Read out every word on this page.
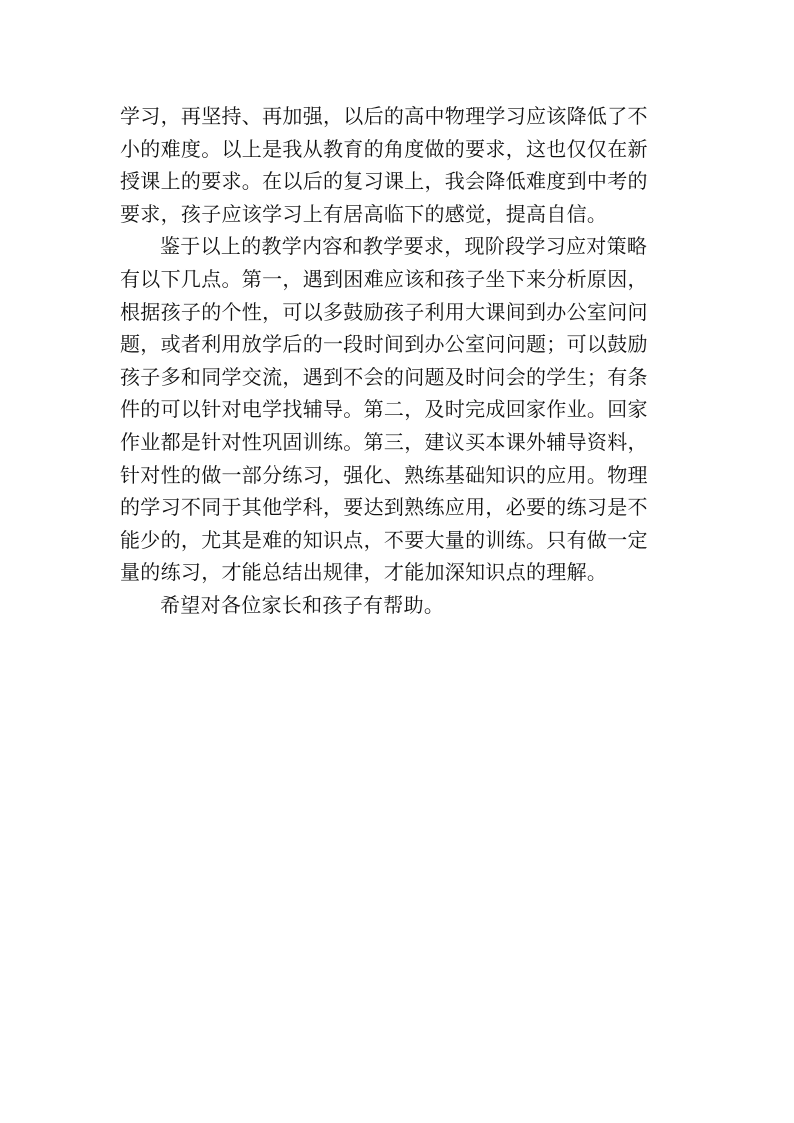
学习，再坚持、再加强，以后的高中物理学习应该降低了不
小的难度。以上是我从教育的角度做的要求，这也仅仅在新
授课上的要求。在以后的复习课上，我会降低难度到中考的
要求，孩子应该学习上有居高临下的感觉，提高自信。
鉴于以上的教学内容和教学要求，现阶段学习应对策略
有以下几点。第一，遇到困难应该和孩子坐下来分析原因，
根据孩子的个性，可以多鼓励孩子利用大课间到办公室问问
题，或者利用放学后的一段时间到办公室问问题；可以鼓励
孩子多和同学交流，遇到不会的问题及时问会的学生；有条
件的可以针对电学找辅导。第二，及时完成回家作业。回家
作业都是针对性巩固训练。第三，建议买本课外辅导资料，
针对性的做一部分练习，强化、熟练基础知识的应用。物理
的学习不同于其他学科，要达到熟练应用，必要的练习是不
能少的，尤其是难的知识点，不要大量的训练。只有做一定
量的练习，才能总结出规律，才能加深知识点的理解。
希望对各位家长和孩子有帮助。
